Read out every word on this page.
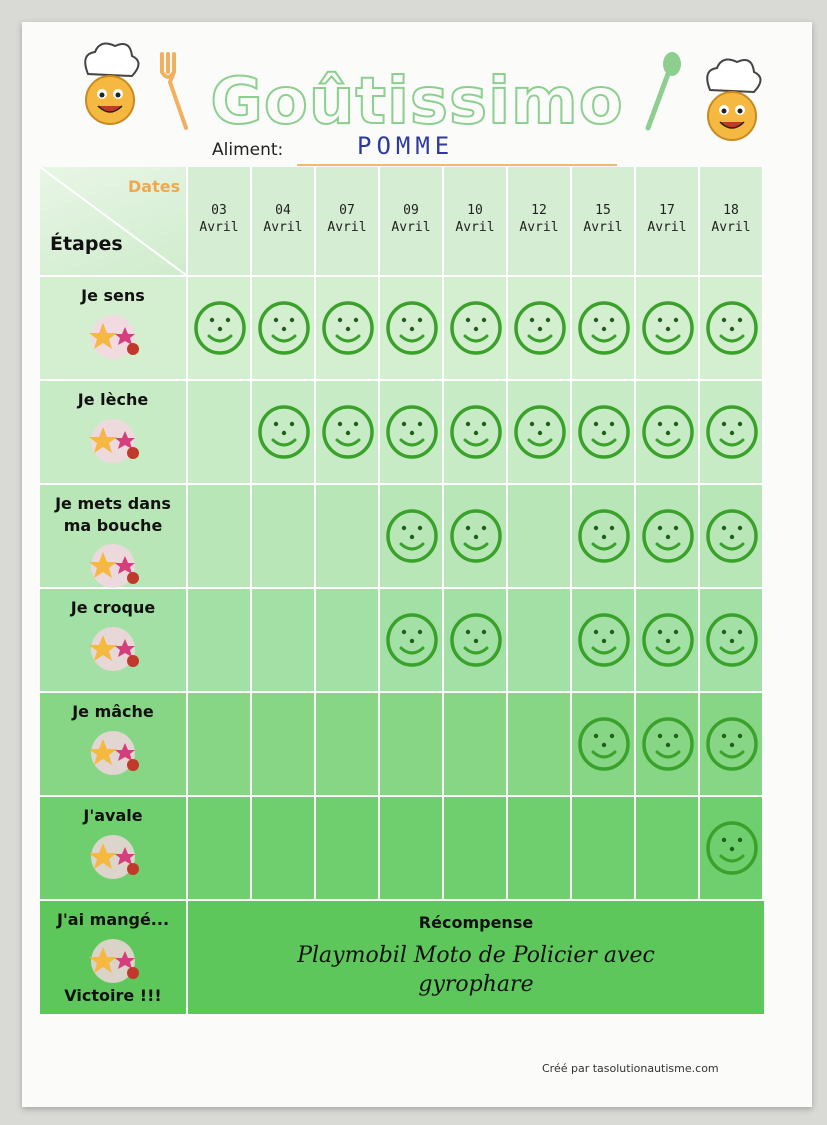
Goûtissimo
Aliment:	POMME
Dates
Étapes
03
Avril
04
Avril
07
Avril
09
Avril
10
Avril
12
Avril
15
Avril
17
Avril
18
Avril
Je sens
Je lèche
Je mets dans ma bouche
Je croque
Je mâche
J'avale
J'ai mangé...
Victoire !!!
Récompense
Playmobil Moto de Policier avec gyrophare
Créé par tasolutionautisme.com
